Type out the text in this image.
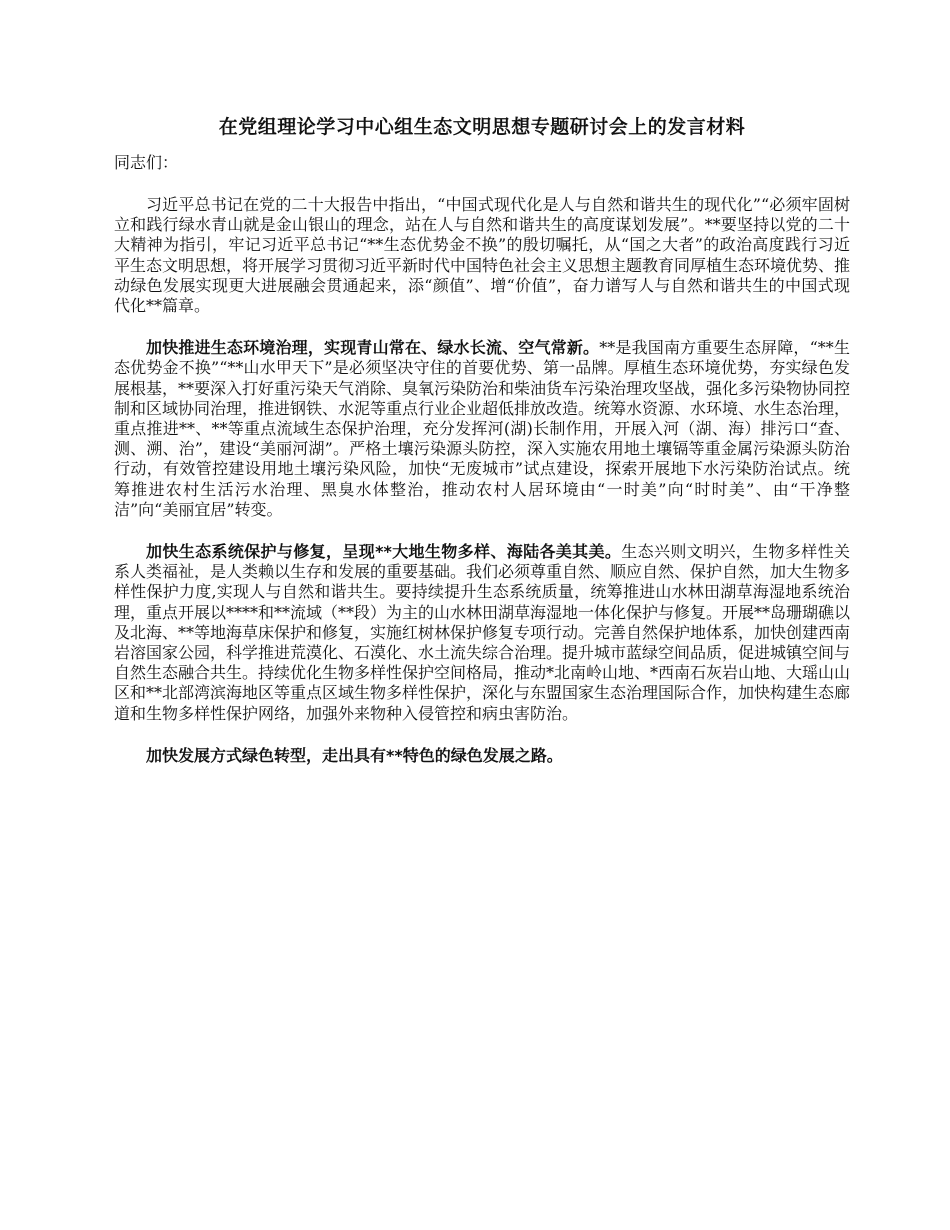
在党组理论学习中心组生态文明思想专题研讨会上的发言材料

同志们：

习近平总书记在党的二十大报告中指出，“中国式现代化是人与自然和谐共生的现代化”“必须牢固树立和践行绿水青山就是金山银山的理念，站在人与自然和谐共生的高度谋划发展”。**要坚持以党的二十大精神为指引，牢记习近平总书记“**生态优势金不换”的殷切嘱托，从“国之大者”的政治高度践行习近平生态文明思想，将开展学习贯彻习近平新时代中国特色社会主义思想主题教育同厚植生态环境优势、推动绿色发展实现更大进展融会贯通起来，添“颜值”、增“价值”，奋力谱写人与自然和谐共生的中国式现代化**篇章。

加快推进生态环境治理，实现青山常在、绿水长流、空气常新。**是我国南方重要生态屏障，“**生态优势金不换”“**山水甲天下”是必须坚决守住的首要优势、第一品牌。厚植生态环境优势，夯实绿色发展根基，**要深入打好重污染天气消除、臭氧污染防治和柴油货车污染治理攻坚战，强化多污染物协同控制和区域协同治理，推进钢铁、水泥等重点行业企业超低排放改造。统筹水资源、水环境、水生态治理，重点推进**、**等重点流域生态保护治理，充分发挥河(湖)长制作用，开展入河（湖、海）排污口“查、测、溯、治”，建设“美丽河湖”。严格土壤污染源头防控，深入实施农用地土壤镉等重金属污染源头防治行动，有效管控建设用地土壤污染风险，加快“无废城市”试点建设，探索开展地下水污染防治试点。统筹推进农村生活污水治理、黑臭水体整治，推动农村人居环境由“一时美”向“时时美”、由“干净整洁”向“美丽宜居”转变。

加快生态系统保护与修复，呈现**大地生物多样、海陆各美其美。生态兴则文明兴，生物多样性关系人类福祉，是人类赖以生存和发展的重要基础。我们必须尊重自然、顺应自然、保护自然，加大生物多样性保护力度,实现人与自然和谐共生。要持续提升生态系统质量，统筹推进山水林田湖草海湿地系统治理，重点开展以****和**流域（**段）为主的山水林田湖草海湿地一体化保护与修复。开展**岛珊瑚礁以及北海、**等地海草床保护和修复，实施红树林保护修复专项行动。完善自然保护地体系，加快创建西南岩溶国家公园，科学推进荒漠化、石漠化、水土流失综合治理。提升城市蓝绿空间品质，促进城镇空间与自然生态融合共生。持续优化生物多样性保护空间格局，推动*北南岭山地、*西南石灰岩山地、大瑶山山区和**北部湾滨海地区等重点区域生物多样性保护，深化与东盟国家生态治理国际合作，加快构建生态廊道和生物多样性保护网络，加强外来物种入侵管控和病虫害防治。

加快发展方式绿色转型，走出具有**特色的绿色发展之路。
